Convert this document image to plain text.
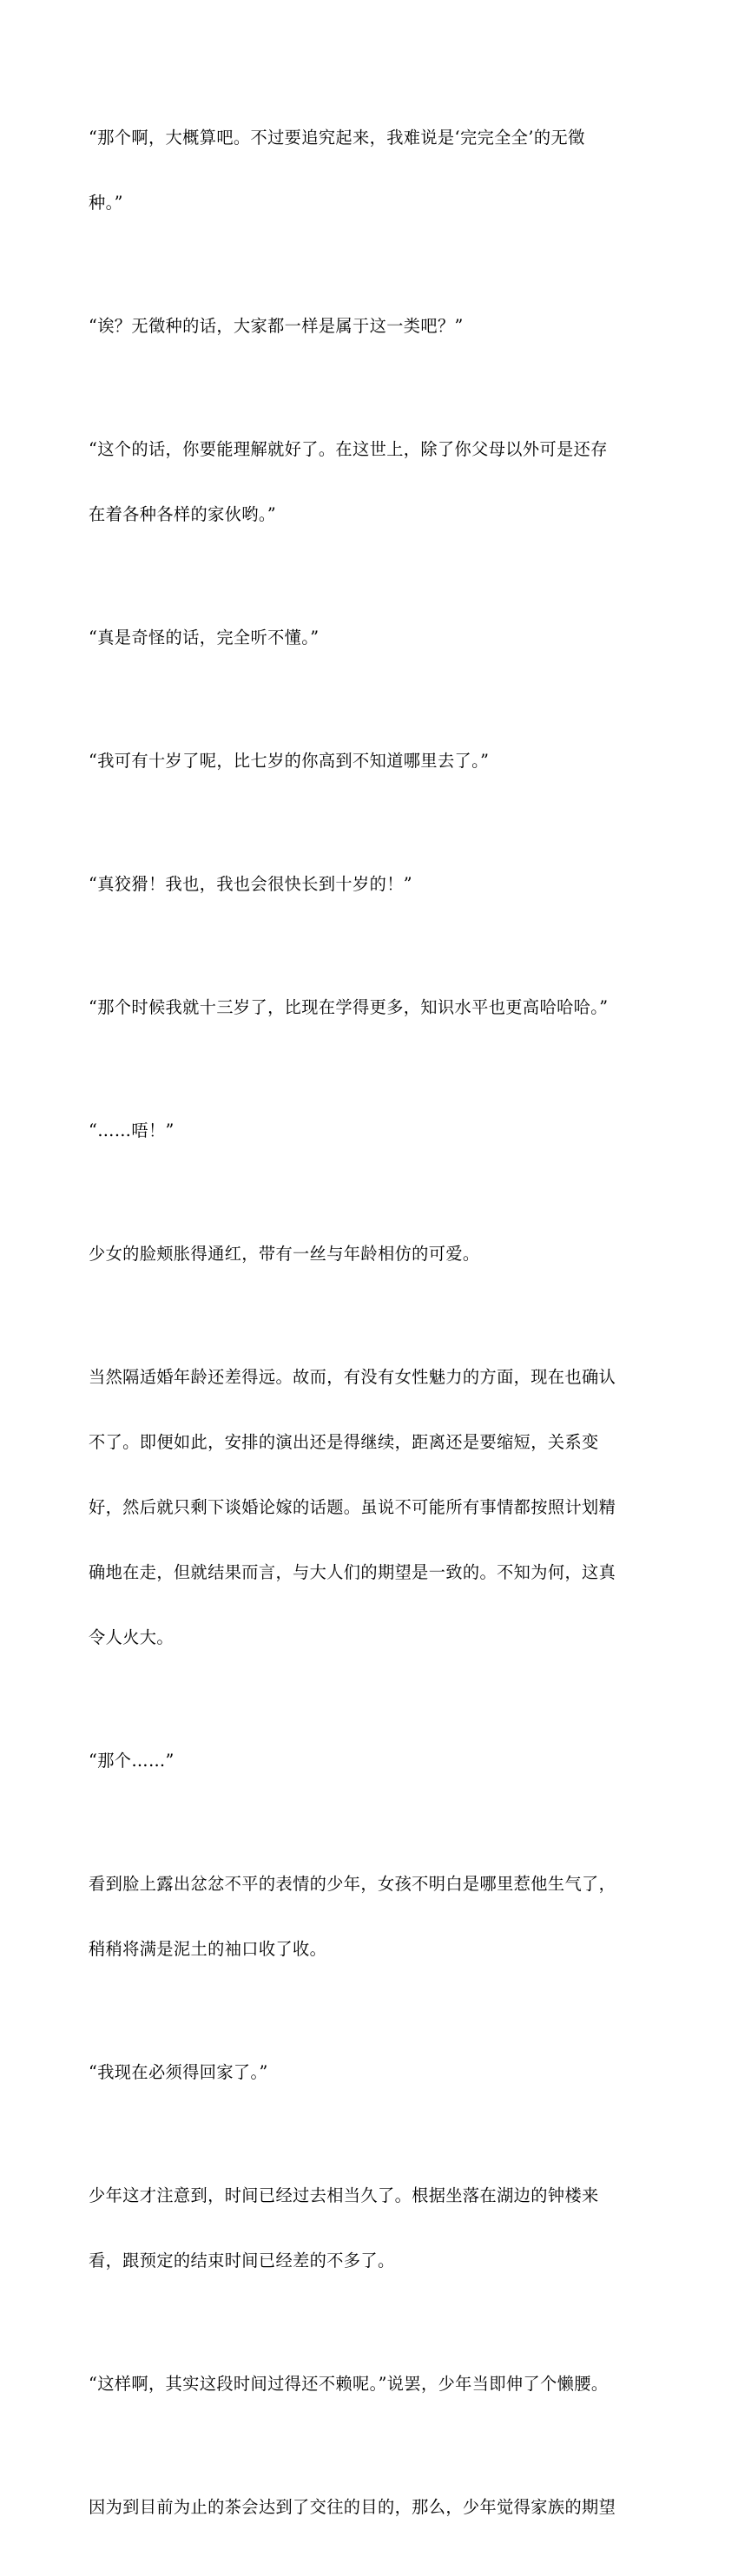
“那个啊，大概算吧。不过要追究起来，我难说是‘完完全全’的无徵

种。”

“诶？无徵种的话，大家都一样是属于这一类吧？”

“这个的话，你要能理解就好了。在这世上，除了你父母以外可是还存

在着各种各样的家伙哟。”

“真是奇怪的话，完全听不懂。”

“我可有十岁了呢，比七岁的你高到不知道哪里去了。”

“真狡猾！我也，我也会很快长到十岁的！”

“那个时候我就十三岁了，比现在学得更多，知识水平也更高哈哈哈。”

“……唔！”

少女的脸颊胀得通红，带有一丝与年龄相仿的可爱。

当然隔适婚年龄还差得远。故而，有没有女性魅力的方面，现在也确认

不了。即便如此，安排的演出还是得继续，距离还是要缩短，关系变

好，然后就只剩下谈婚论嫁的话题。虽说不可能所有事情都按照计划精

确地在走，但就结果而言，与大人们的期望是一致的。不知为何，这真

令人火大。

“那个……”

看到脸上露出忿忿不平的表情的少年，女孩不明白是哪里惹他生气了，

稍稍将满是泥土的袖口收了收。

“我现在必须得回家了。”

少年这才注意到，时间已经过去相当久了。根据坐落在湖边的钟楼来

看，跟预定的结束时间已经差的不多了。

“这样啊，其实这段时间过得还不赖呢。”说罢，少年当即伸了个懒腰。

因为到目前为止的茶会达到了交往的目的，那么，少年觉得家族的期望
